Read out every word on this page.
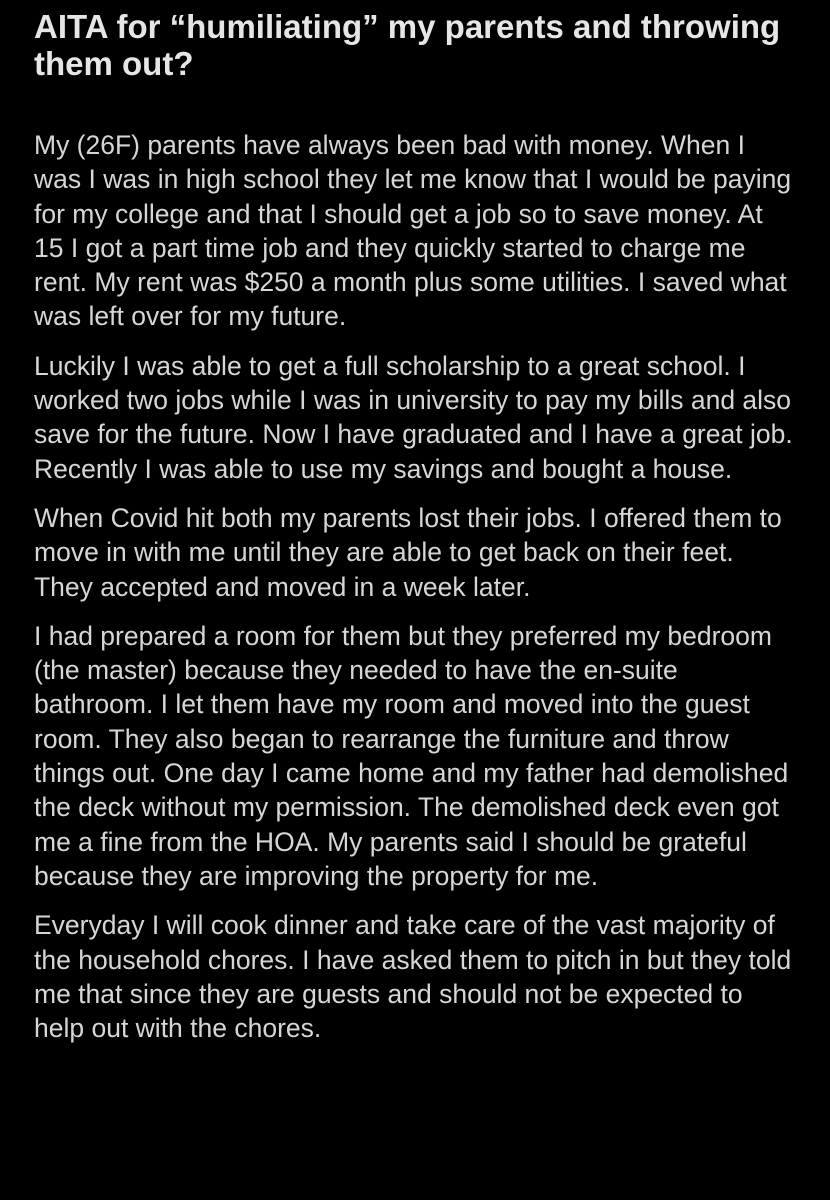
AITA for “humiliating” my parents and throwing them out?

My (26F) parents have always been bad with money. When I was I was in high school they let me know that I would be paying for my college and that I should get a job so to save money. At 15 I got a part time job and they quickly started to charge me rent. My rent was $250 a month plus some utilities. I saved what was left over for my future.

Luckily I was able to get a full scholarship to a great school. I worked two jobs while I was in university to pay my bills and also save for the future. Now I have graduated and I have a great job. Recently I was able to use my savings and bought a house.

When Covid hit both my parents lost their jobs. I offered them to move in with me until they are able to get back on their feet. They accepted and moved in a week later.

I had prepared a room for them but they preferred my bedroom (the master) because they needed to have the en-suite bathroom. I let them have my room and moved into the guest room. They also began to rearrange the furniture and throw things out. One day I came home and my father had demolished the deck without my permission. The demolished deck even got me a fine from the HOA. My parents said I should be grateful because they are improving the property for me.

Everyday I will cook dinner and take care of the vast majority of the household chores. I have asked them to pitch in but they told me that since they are guests and should not be expected to help out with the chores.
